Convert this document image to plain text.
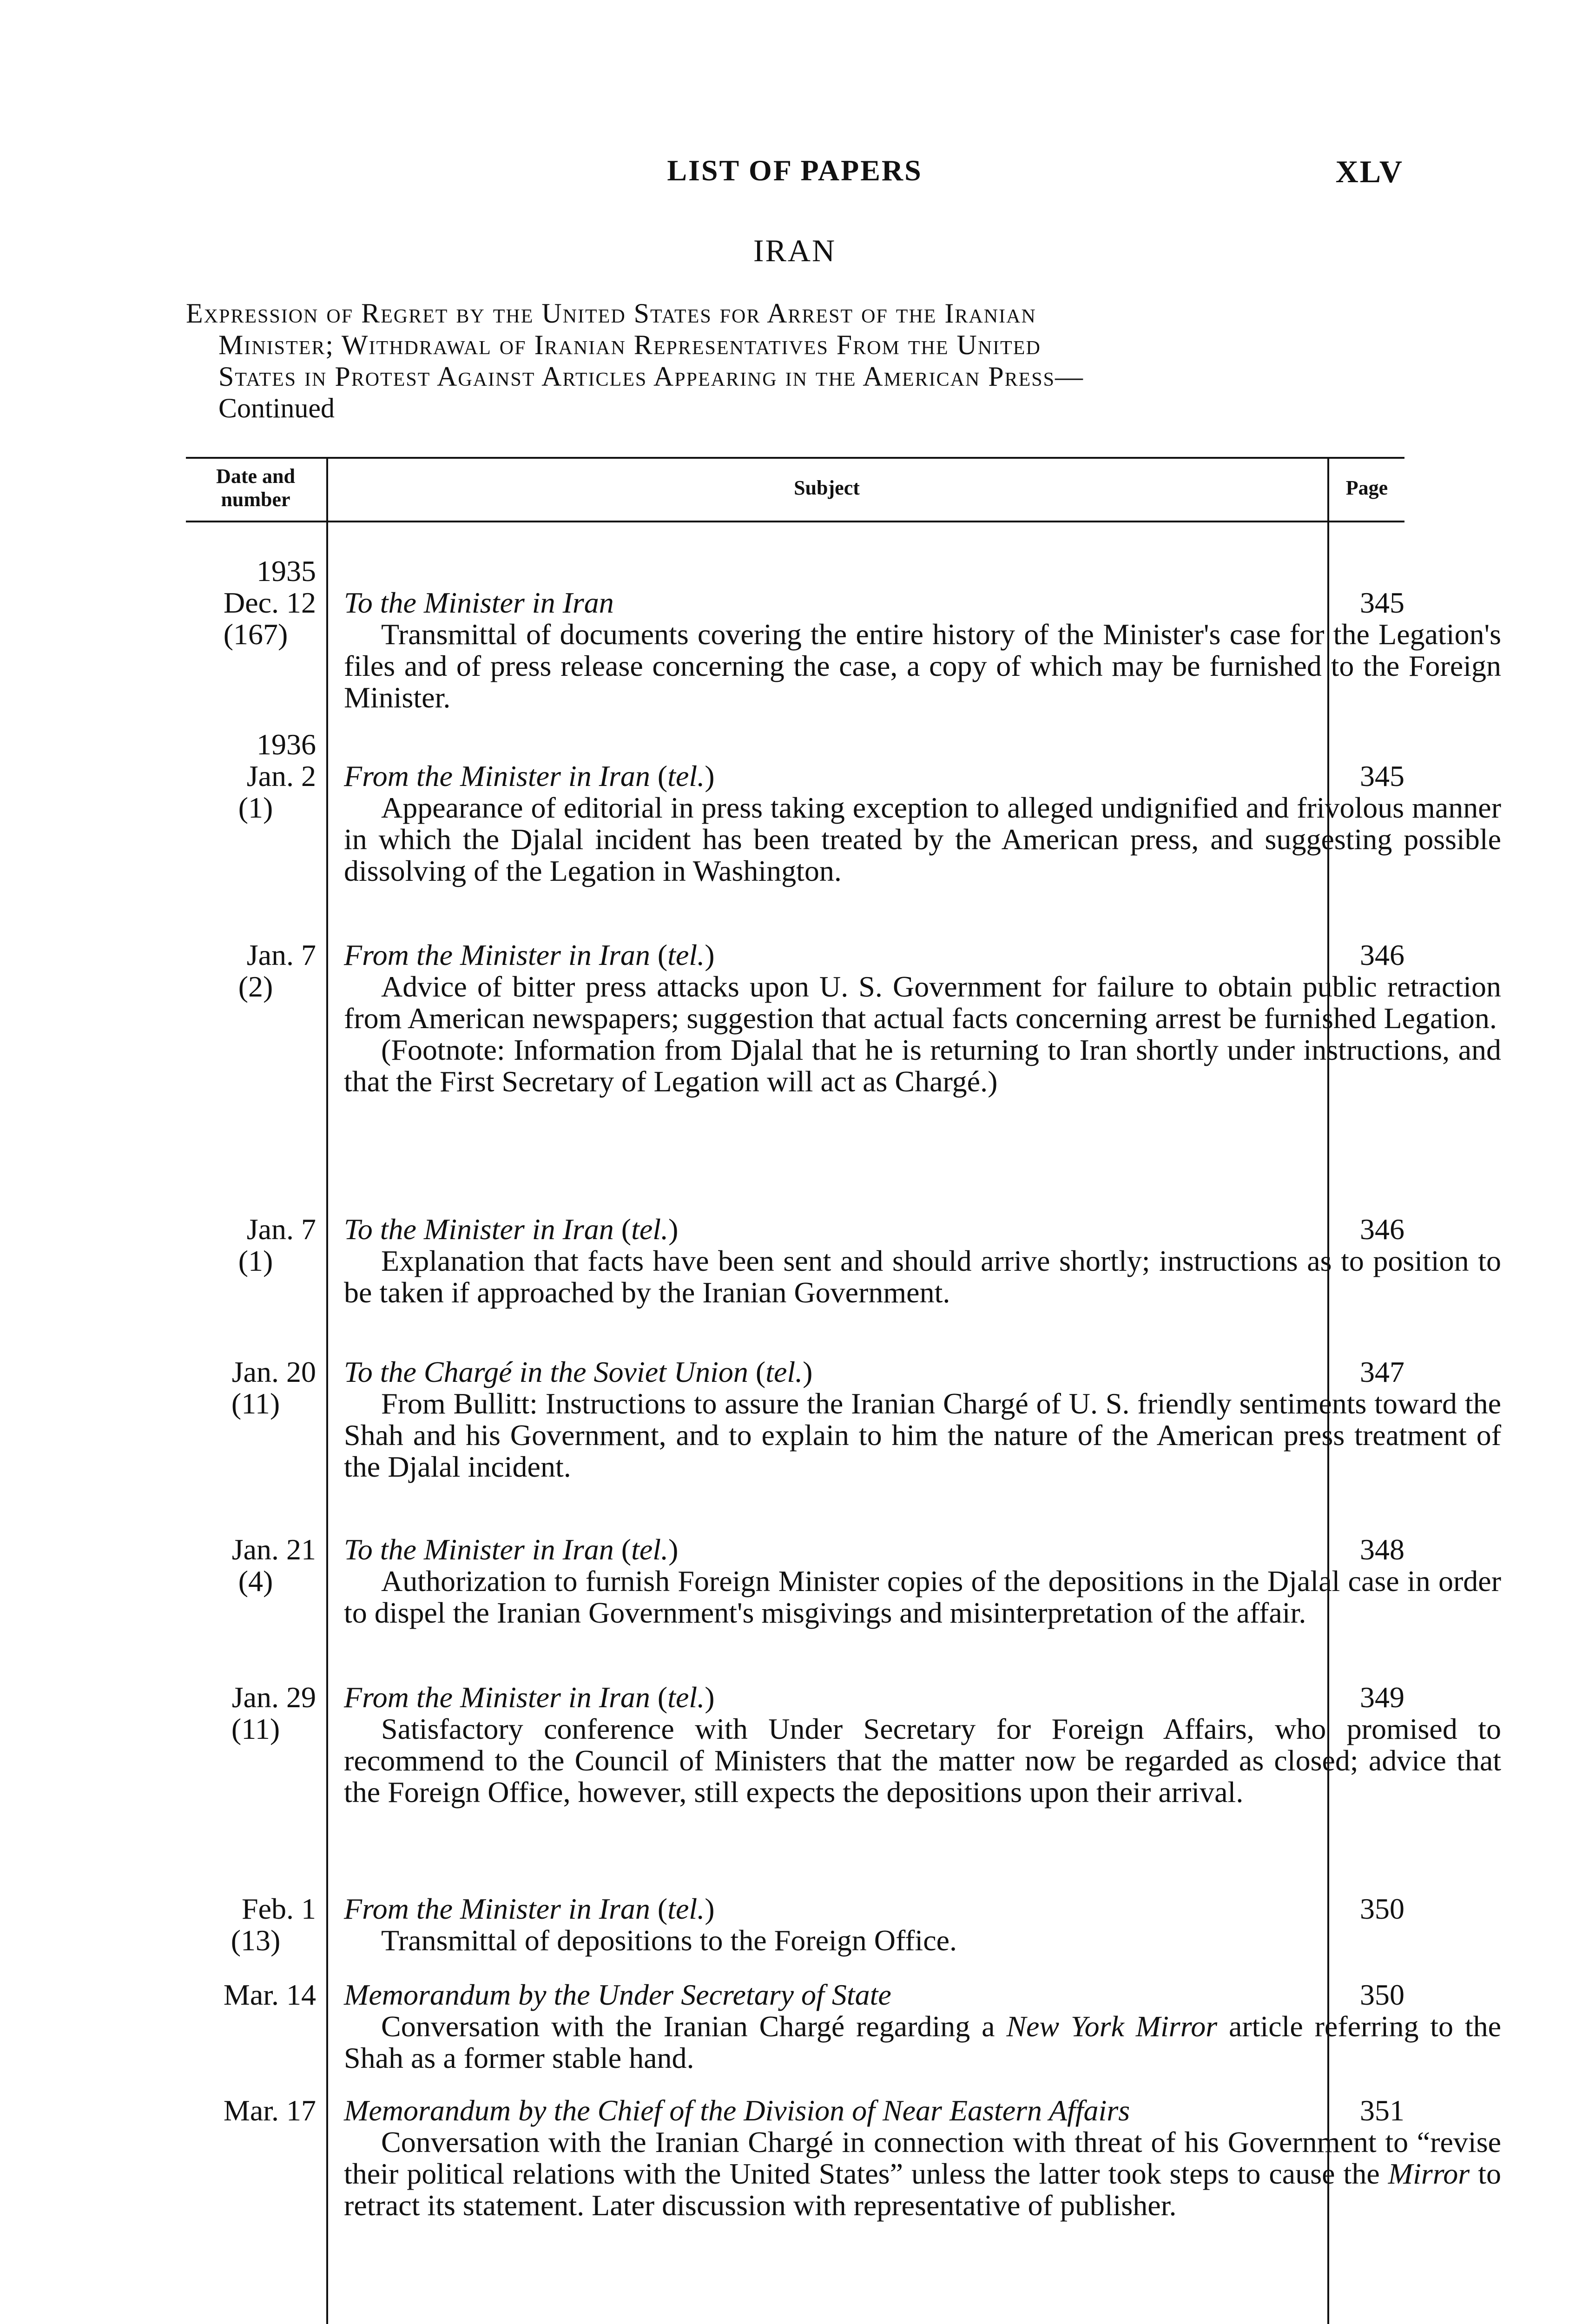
LIST OF PAPERS	XLV
IRAN
Expression of Regret by the United States for Arrest of the Iranian
Minister; Withdrawal of Iranian Representatives From the United
States in Protest Against Articles Appearing in the American Press—
Continued
Date and
number
Subject	Page
1935
Dec. 12
(167)
To the Minister in Iran
Transmittal of documents covering the entire history of the Minister's case for the Legation's files and of press release concerning the case, a copy of which may be furnished to the Foreign Minister.
345
1936
Jan. 2
(1)
From the Minister in Iran (tel.)
Appearance of editorial in press taking exception to alleged undignified and frivolous manner in which the Djalal incident has been treated by the American press, and suggesting possible dissolving of the Legation in Washington.
345
Jan. 7
(2)
From the Minister in Iran (tel.)
Advice of bitter press attacks upon U. S. Government for failure to obtain public retraction from American newspapers; suggestion that actual facts concerning arrest be furnished Legation.
(Footnote: Information from Djalal that he is returning to Iran shortly under instructions, and that the First Secretary of Legation will act as Chargé.)
346
Jan. 7
(1)
To the Minister in Iran (tel.)
Explanation that facts have been sent and should arrive shortly; instructions as to position to be taken if approached by the Iranian Government.
346
Jan. 20
(11)
To the Chargé in the Soviet Union (tel.)
From Bullitt: Instructions to assure the Iranian Chargé of U. S. friendly sentiments toward the Shah and his Government, and to explain to him the nature of the American press treatment of the Djalal incident.
347
Jan. 21
(4)
To the Minister in Iran (tel.)
Authorization to furnish Foreign Minister copies of the depositions in the Djalal case in order to dispel the Iranian Government's misgivings and misinterpretation of the affair.
348
Jan. 29
(11)
From the Minister in Iran (tel.)
Satisfactory conference with Under Secretary for Foreign Affairs, who promised to recommend to the Council of Ministers that the matter now be regarded as closed; advice that the Foreign Office, however, still expects the depositions upon their arrival.
349
Feb. 1
(13)
From the Minister in Iran (tel.)
Transmittal of depositions to the Foreign Office.
350
Mar. 14 Memorandum by the Under Secretary of State
Conversation with the Iranian Chargé regarding a New York Mirror article referring to the Shah as a former stable hand.
350
Mar. 17 Memorandum by the Chief of the Division of Near Eastern Affairs
Conversation with the Iranian Chargé in connection with threat of his Government to “revise their political relations with the United States” unless the latter took steps to cause the Mirror to retract its statement. Later discussion with representative of publisher.
351
